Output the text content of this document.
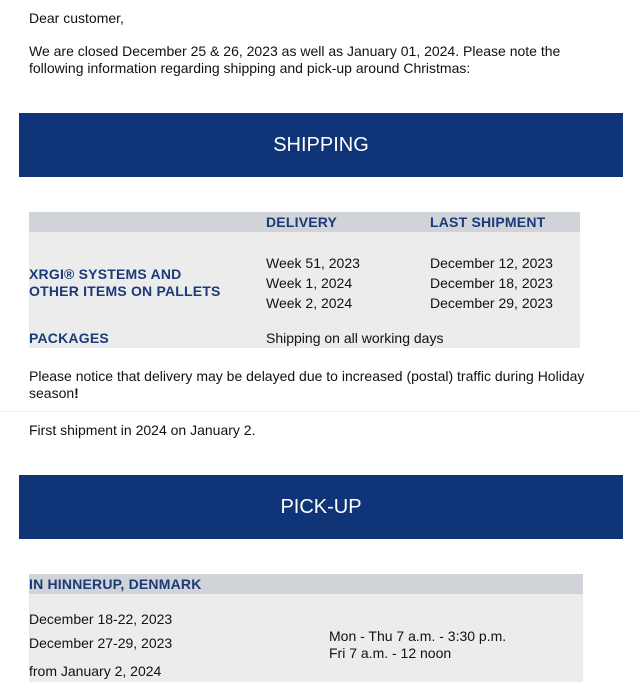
Dear customer,

We are closed December 25 & 26, 2023 as well as January 01, 2024. Please note the following information regarding shipping and pick-up around Christmas:

SHIPPING
DELIVERY	LAST SHIPMENT
XRGI® SYSTEMS AND
OTHER ITEMS ON PALLETS
Week 51, 2023
Week 1, 2024
Week 2, 2024
December 12, 2023
December 18, 2023
December 29, 2023
PACKAGES	Shipping on all working days

Please notice that delivery may be delayed due to increased (postal) traffic during Holiday
season!

First shipment in 2024 on January 2.

PICK-UP
IN HINNERUP, DENMARK
December 18-22, 2023
December 27-29, 2023
from January 2, 2024
Mon - Thu 7 a.m. - 3:30 p.m.
Fri 7 a.m. - 12 noon
